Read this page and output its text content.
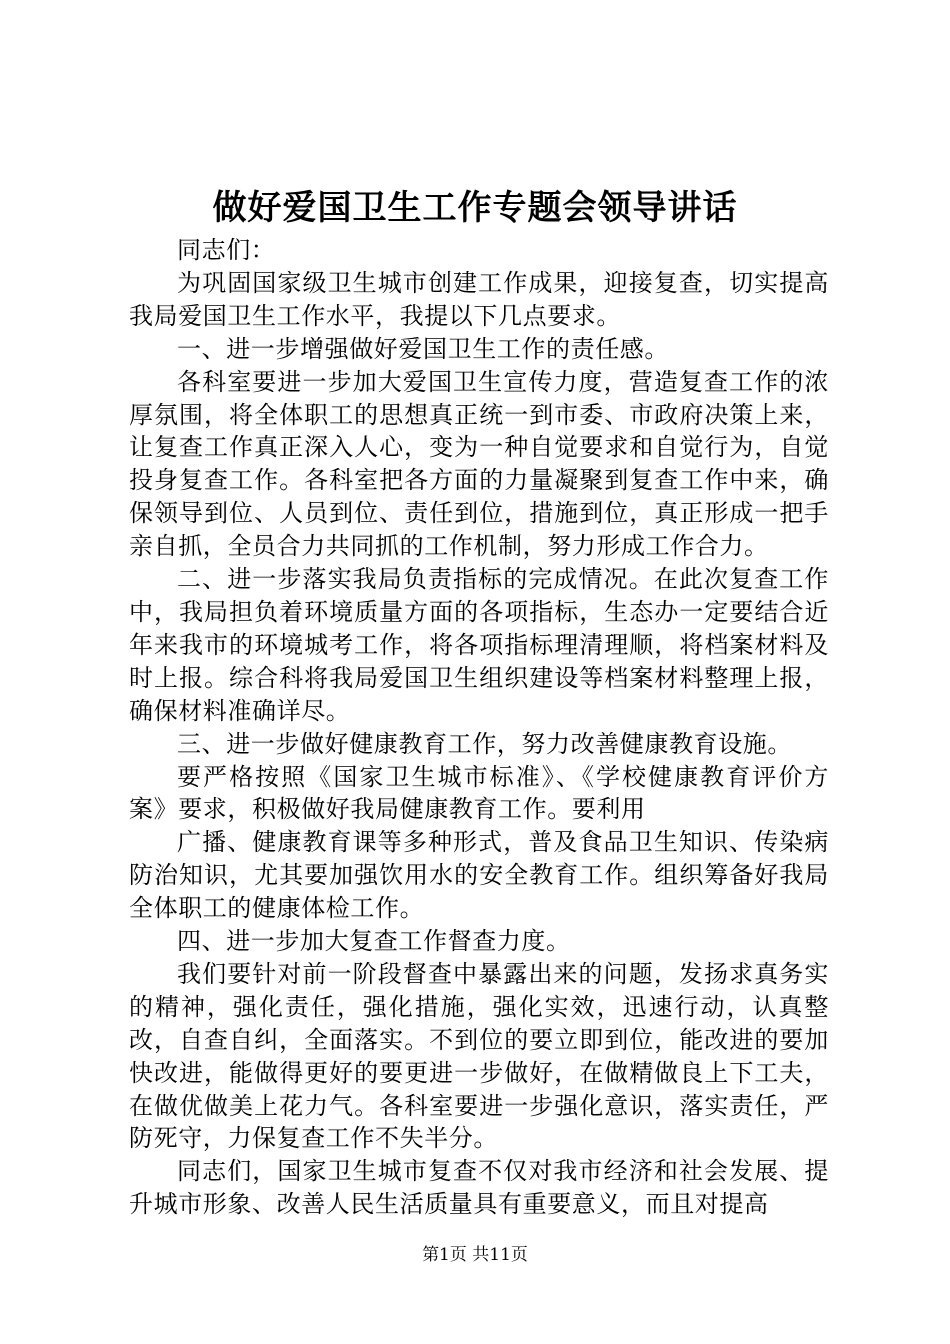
做好爱国卫生工作专题会领导讲话

同志们：

为巩固国家级卫生城市创建工作成果，迎接复查，切实提高我局爱国卫生工作水平，我提以下几点要求。

一、进一步增强做好爱国卫生工作的责任感。

各科室要进一步加大爱国卫生宣传力度，营造复查工作的浓厚氛围，将全体职工的思想真正统一到市委、市政府决策上来，让复查工作真正深入人心，变为一种自觉要求和自觉行为，自觉投身复查工作。各科室把各方面的力量凝聚到复查工作中来，确保领导到位、人员到位、责任到位，措施到位，真正形成一把手亲自抓，全员合力共同抓的工作机制，努力形成工作合力。

二、进一步落实我局负责指标的完成情况。在此次复查工作中，我局担负着环境质量方面的各项指标，生态办一定要结合近年来我市的环境城考工作，将各项指标理清理顺，将档案材料及时上报。综合科将我局爱国卫生组织建设等档案材料整理上报，确保材料准确详尽。

三、进一步做好健康教育工作，努力改善健康教育设施。

要严格按照《国家卫生城市标准》、《学校健康教育评价方案》要求，积极做好我局健康教育工作。要利用

广播、健康教育课等多种形式，普及食品卫生知识、传染病防治知识，尤其要加强饮用水的安全教育工作。组织筹备好我局全体职工的健康体检工作。

四、进一步加大复查工作督查力度。

我们要针对前一阶段督查中暴露出来的问题，发扬求真务实的精神，强化责任，强化措施，强化实效，迅速行动，认真整改，自查自纠，全面落实。不到位的要立即到位，能改进的要加快改进，能做得更好的要更进一步做好，在做精做良上下工夫，在做优做美上花力气。各科室要进一步强化意识，落实责任，严防死守，力保复查工作不失半分。

同志们，国家卫生城市复查不仅对我市经济和社会发展、提升城市形象、改善人民生活质量具有重要意义，而且对提高

第1页 共11页
